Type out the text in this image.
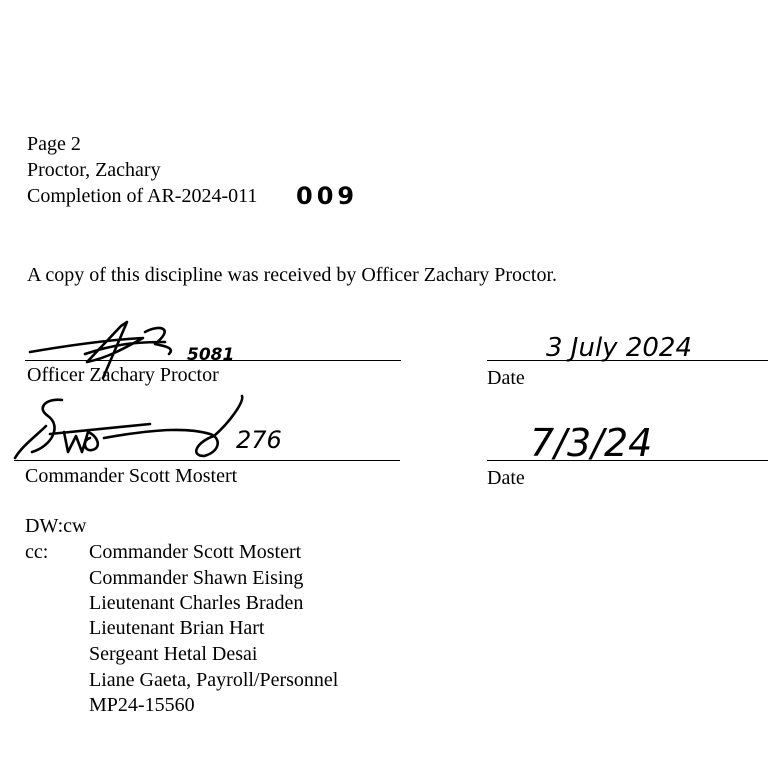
Page 2
Proctor, Zachary
Completion of AR-2024-011 009
A copy of this discipline was received by Officer Zachary Proctor.
5081
Officer Zachary Proctor
3 July 2024
Date
276
Commander Scott Mostert
7/3/24
Date
DW:cw
cc: Commander Scott Mostert
Commander Shawn Eising
Lieutenant Charles Braden
Lieutenant Brian Hart
Sergeant Hetal Desai
Liane Gaeta, Payroll/Personnel
MP24-15560
